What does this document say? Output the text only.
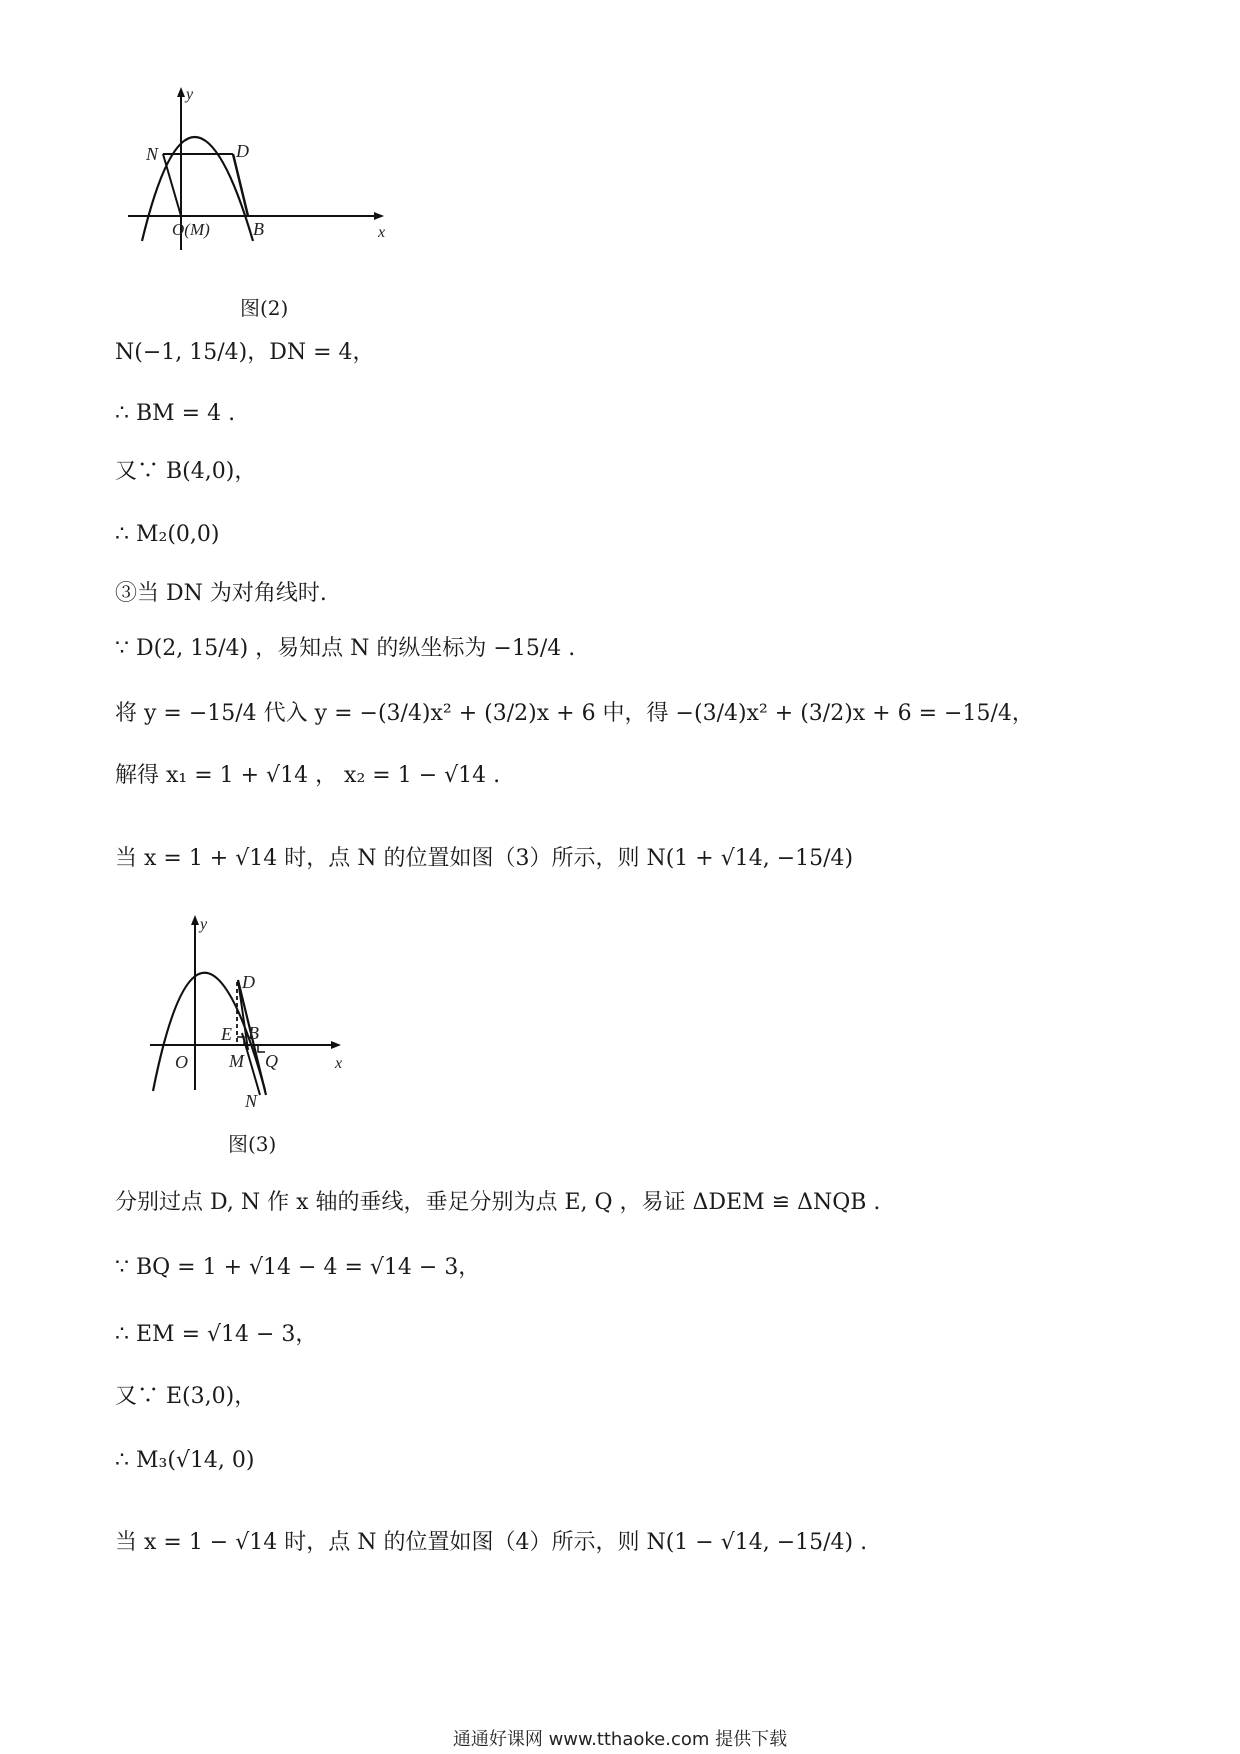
y
x
N	D
O(M) B
图(2)

N(−1, 15/4)，DN = 4，

∴ BM = 4 .

又∵ B(4,0)，

∴ M₂(0,0)

③当 DN 为对角线时.

∵ D(2, 15/4) ，易知点 N 的纵坐标为 −15/4 .

将 y = −15/4 代入 y = −(3/4)x² + (3/2)x + 6 中，得 −(3/4)x² + (3/2)x + 6 = −15/4，

解得 x₁ = 1 + √14 ， x₂ = 1 − √14 .

当 x = 1 + √14 时，点 N 的位置如图（3）所示，则 N(1 + √14, −15/4)

y
x
O
D
E B
M Q
N
图(3)

分别过点 D, N 作 x 轴的垂线，垂足分别为点 E, Q ，易证 ΔDEM ≌ ΔNQB .

∵ BQ = 1 + √14 − 4 = √14 − 3，

∴ EM = √14 − 3，

又∵ E(3,0)，

∴ M₃(√14, 0)

当 x = 1 − √14 时，点 N 的位置如图（4）所示，则 N(1 − √14, −15/4) .

通通好课网 www.tthaoke.com 提供下载
